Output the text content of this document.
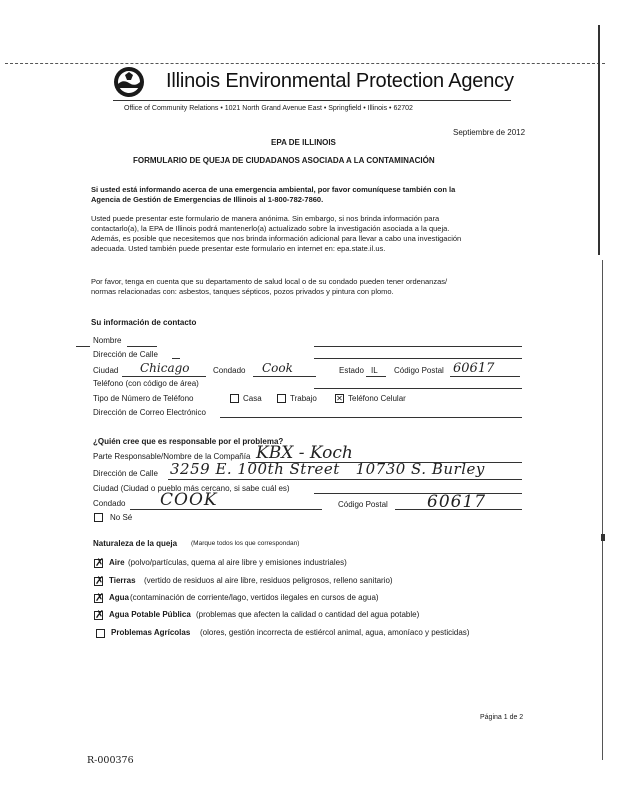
Illinois Environmental Protection Agency
Office of Community Relations • 1021 North Grand Avenue East • Springfield • Illinois • 62702
Septiembre de 2012
EPA DE ILLINOIS
FORMULARIO DE QUEJA DE CIUDADANOS ASOCIADA A LA CONTAMINACIÓN
Si usted está informando acerca de una emergencia ambiental, por favor comuníquese también con la
Agencia de Gestión de Emergencias de Illinois al 1-800-782-7860.
Usted puede presentar este formulario de manera anónima. Sin embargo, si nos brinda información para
contactarlo(a), la EPA de Illinois podrá mantenerlo(a) actualizado sobre la investigación asociada a la queja.
Además, es posible que necesitemos que nos brinda información adicional para llevar a cabo una investigación
adecuada. Usted también puede presentar este formulario en internet en: epa.state.il.us.
Por favor, tenga en cuenta que su departamento de salud local o de su condado pueden tener ordenanzas/
normas relacionadas con: asbestos, tanques sépticos, pozos privados y pintura con plomo.
Su información de contacto
Nombre
Dirección de Calle
Ciudad Chicago	Condado Cook	Estado IL Código Postal 60617
Teléfono (con código de área)
Tipo de Número de Teléfono	Casa	Trabajo ✕ Teléfono Celular
Dirección de Correo Electrónico
¿Quién cree que es responsable por el problema?
Parte Responsable/Nombre de la Compañía KBX - Koch
Dirección de Calle 3259 E. 100th Street   10730 S. Burley
Ciudad (Ciudad o pueblo más cercano, si sabe cuál es)
Condado COOK	Código Postal 60617
No Sé
Naturaleza de la queja (Marque todos los que correspondan)
✗ Aire (polvo/partículas, quema al aire libre y emisiones industriales)
✗ Tierras (vertido de residuos al aire libre, residuos peligrosos, relleno sanitario)
✗ Agua (contaminación de corriente/lago, vertidos ilegales en cursos de agua)
✗ Agua Potable Pública (problemas que afecten la calidad o cantidad del agua potable)
Problemas Agrícolas (olores, gestión incorrecta de estiércol animal, agua, amoníaco y pesticidas)
Página 1 de 2
R-000376
